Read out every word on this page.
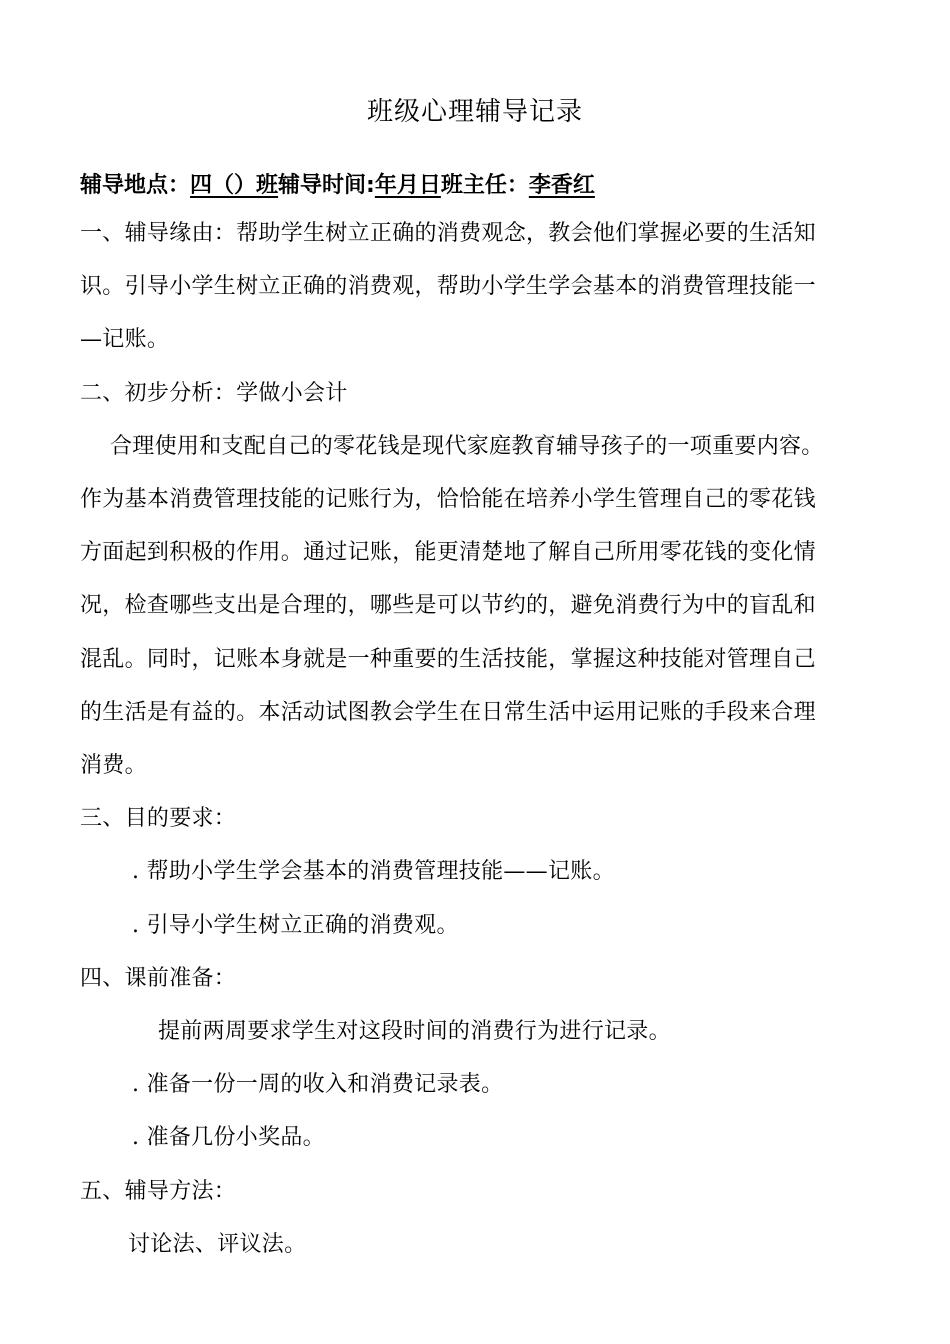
班级心理辅导记录
辅导地点：四（）班辅导时间:年月日班主任：李香红

一、辅导缘由：帮助学生树立正确的消费观念，教会他们掌握必要的生活知

识。引导小学生树立正确的消费观，帮助小学生学会基本的消费管理技能一

—记账。

二、初步分析：学做小会计

合理使用和支配自己的零花钱是现代家庭教育辅导孩子的一项重要内容。

作为基本消费管理技能的记账行为，恰恰能在培养小学生管理自己的零花钱

方面起到积极的作用。通过记账，能更清楚地了解自己所用零花钱的变化情

况，检查哪些支出是合理的，哪些是可以节约的，避免消费行为中的盲乱和

混乱。同时，记账本身就是一种重要的生活技能，掌握这种技能对管理自己

的生活是有益的。本活动试图教会学生在日常生活中运用记账的手段来合理

消费。

三、目的要求：

. 帮助小学生学会基本的消费管理技能——记账。

. 引导小学生树立正确的消费观。

四、课前准备：

提前两周要求学生对这段时间的消费行为进行记录。

. 准备一份一周的收入和消费记录表。

. 准备几份小奖品。

五、辅导方法：

讨论法、评议法。
